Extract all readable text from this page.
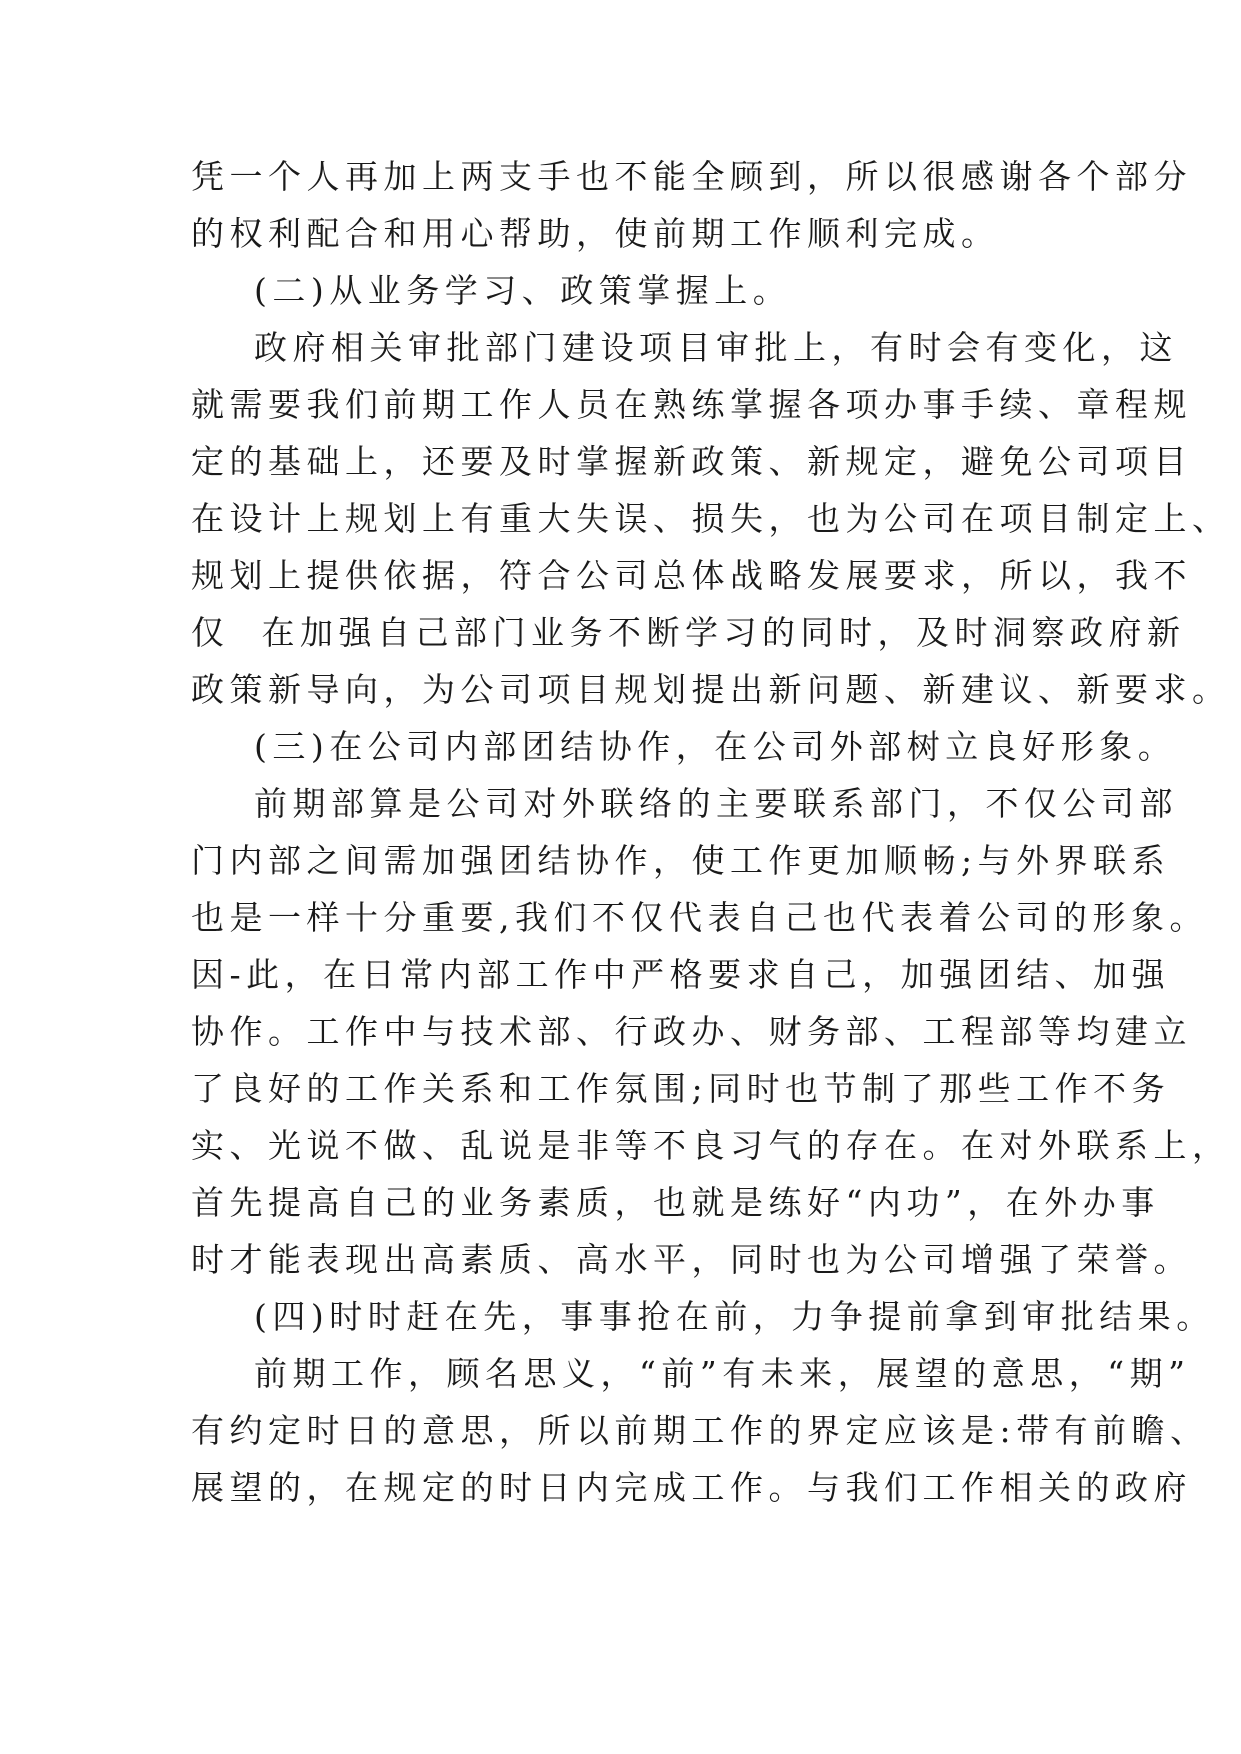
凭一个人再加上两支手也不能全顾到，所以很感谢各个部分
的权利配合和用心帮助，使前期工作顺利完成。
(二)从业务学习、政策掌握上。
政府相关审批部门建设项目审批上，有时会有变化，这
就需要我们前期工作人员在熟练掌握各项办事手续、章程规
定的基础上，还要及时掌握新政策、新规定，避免公司项目
在设计上规划上有重大失误、损失，也为公司在项目制定上、
规划上提供依据，符合公司总体战略发展要求，所以，我不
仅  在加强自己部门业务不断学习的同时，及时洞察政府新
政策新导向，为公司项目规划提出新问题、新建议、新要求。
(三)在公司内部团结协作，在公司外部树立良好形象。
前期部算是公司对外联络的主要联系部门，不仅公司部
门内部之间需加强团结协作，使工作更加顺畅;与外界联系
也是一样十分重要,我们不仅代表自己也代表着公司的形象。
因-此，在日常内部工作中严格要求自己，加强团结、加强
协作。工作中与技术部、行政办、财务部、工程部等均建立
了良好的工作关系和工作氛围;同时也节制了那些工作不务
实、光说不做、乱说是非等不良习气的存在。在对外联系上，
首先提高自己的业务素质，也就是练好“内功”，在外办事
时才能表现出高素质、高水平，同时也为公司增强了荣誉。
(四)时时赶在先，事事抢在前，力争提前拿到审批结果。
前期工作，顾名思义，“前”有未来，展望的意思，“期”
有约定时日的意思，所以前期工作的界定应该是:带有前瞻、
展望的，在规定的时日内完成工作。与我们工作相关的政府
